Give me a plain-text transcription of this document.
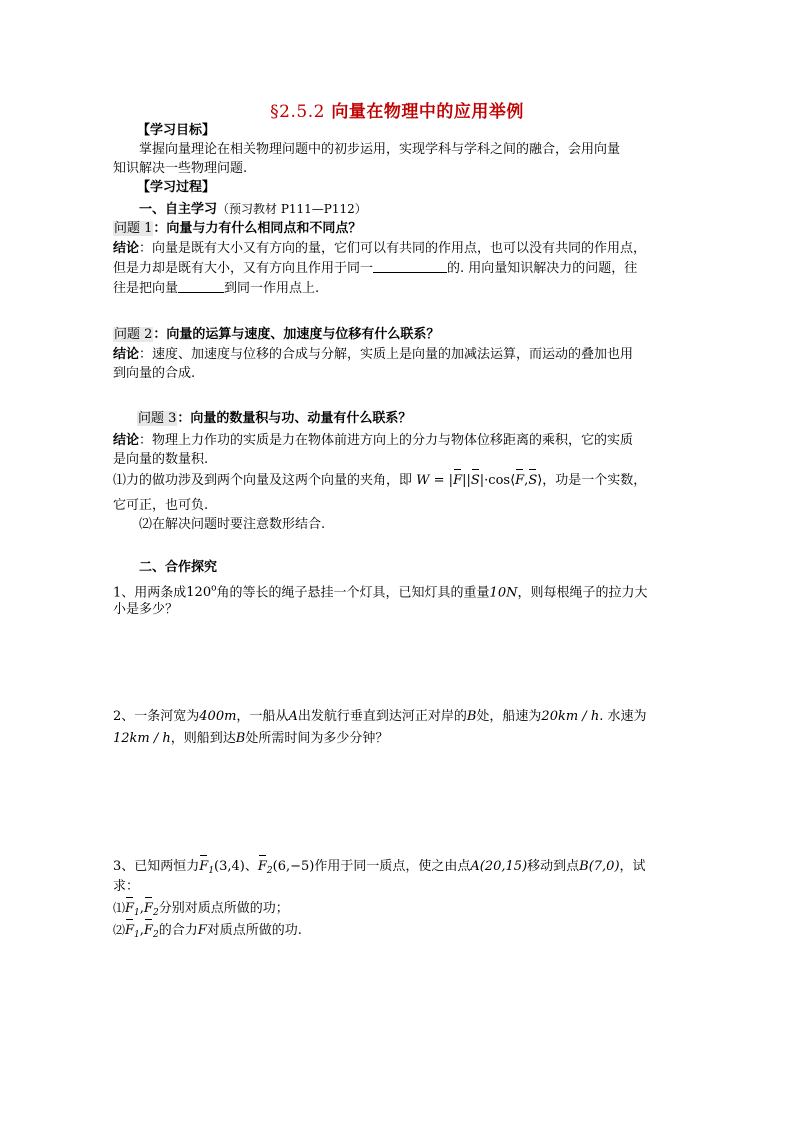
§2.5.2 向量在物理中的应用举例
【学习目标】
掌握向量理论在相关物理问题中的初步运用，实现学科与学科之间的融合，会用向量
知识解决一些物理问题.
【学习过程】
一、自主学习（预习教材 P111—P112）
问题 1：向量与力有什么相同点和不同点？
结论：向量是既有大小又有方向的量，它们可以有共同的作用点，也可以没有共同的作用点，
但是力却是既有大小，又有方向且作用于同一	的. 用向量知识解决力的问题，往
往是把向量	到同一作用点上.
问题 2：向量的运算与速度、加速度与位移有什么联系？
结论：速度、加速度与位移的合成与分解，实质上是向量的加减法运算，而运动的叠加也用
到向量的合成.
问题 3：向量的数量积与功、动量有什么联系？
结论：物理上力作功的实质是力在物体前进方向上的分力与物体位移距离的乘积，它的实质
是向量的数量积.
⑴力的做功涉及到两个向量及这两个向量的夹角，即 W = |F||S|·cos⟨F,S⟩，功是一个实数，
它可正，也可负.
⑵在解决问题时要注意数形结合.
二、合作探究
1、用两条成120$^o$角的等长的绳子悬挂一个灯具，已知灯具的重量10N，则每根绳子的拉力大
小是多少？
2、一条河宽为400m，一船从A出发航行垂直到达河正对岸的B处，船速为20km / h. 水速为
12km / h，则船到达B处所需时间为多少分钟？
3、已知两恒力$F_1(3,4)$、$F_2(6,-5)$作用于同一质点，使之由点A(20,15)移动到点B(7,0)，试
求：
$⑴F_1,F_2$分别对质点所做的功；
$⑵F_1,F_2$的合力F对质点所做的功.
